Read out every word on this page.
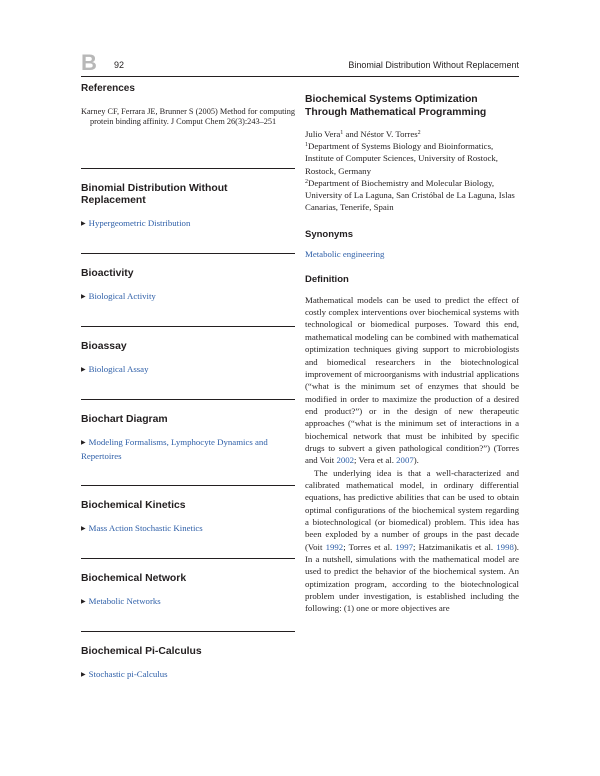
B 92	Binomial Distribution Without Replacement
References
Karney CF, Ferrara JE, Brunner S (2005) Method for computing protein binding affinity. J Comput Chem 26(3):243–251
Binomial Distribution Without Replacement
▶ Hypergeometric Distribution
Bioactivity
▶ Biological Activity
Bioassay
▶ Biological Assay
Biochart Diagram
▶ Modeling Formalisms, Lymphocyte Dynamics and Repertoires
Biochemical Kinetics
▶ Mass Action Stochastic Kinetics
Biochemical Network
▶ Metabolic Networks
Biochemical Pi-Calculus
▶ Stochastic pi-Calculus
Biochemical Systems Optimization Through Mathematical Programming
Julio Vera$^1$ and Néstor V. Torres$^2$
$^1$Department of Systems Biology and Bioinformatics, Institute of Computer Sciences, University of Rostock, Rostock, Germany
$^2$Department of Biochemistry and Molecular Biology, University of La Laguna, San Cristóbal de La Laguna, Islas Canarias, Tenerife, Spain
Synonyms
Metabolic engineering
Definition

Mathematical models can be used to predict the effect of costly complex interventions over biochemical systems with technological or biomedical purposes. Toward this end, mathematical modeling can be combined with mathematical optimization techniques giving support to microbiologists and biomedical researchers in the biotechnological improvement of microorganisms with industrial applications (“what is the minimum set of enzymes that should be modified in order to maximize the production of a desired end product?”) or in the design of new therapeutic approaches (“what is the minimum set of interactions in a biochemical network that must be inhibited by specific drugs to subvert a given pathological condition?”) (Torres and Voit 2002; Vera et al. 2007).

The underlying idea is that a well-characterized and calibrated mathematical model, in ordinary differential equations, has predictive abilities that can be used to obtain optimal configurations of the biochemical system regarding a biotechnological (or biomedical) problem. This idea has been exploded by a number of groups in the past decade (Voit 1992; Torres et al. 1997; Hatzimanikatis et al. 1998). In a nutshell, simulations with the mathematical model are used to predict the behavior of the biochemical system. An optimization program, according to the biotechnological problem under investigation, is established including the following: (1) one or more objectives are
